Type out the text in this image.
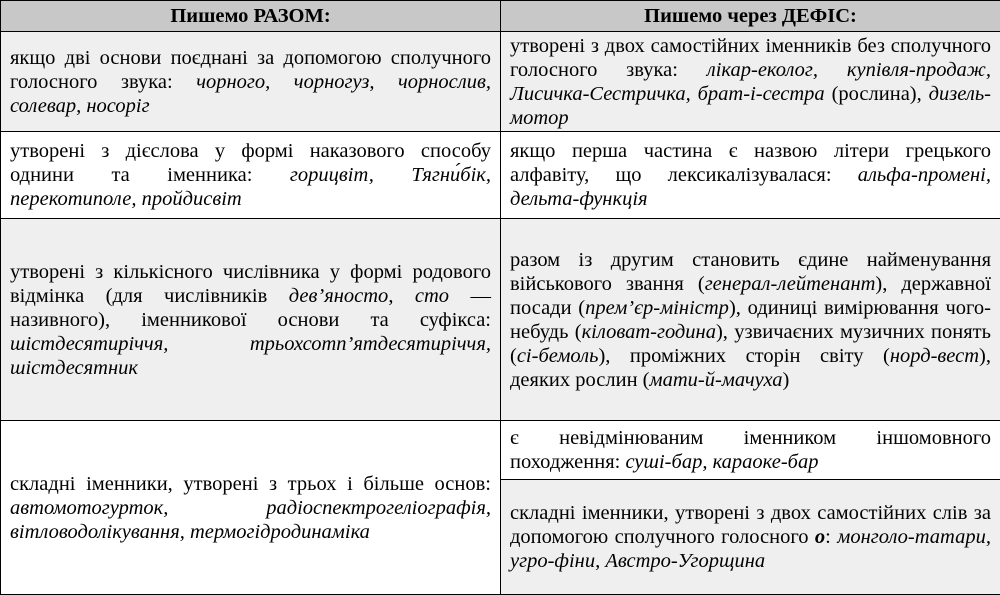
Пишемо РАЗОМ:	Пишемо через ДЕФІС:
якщо дві основи поєднані за допомогою сполучного голосного звука: чорного, чорногуз, чорнослив, солевар, носоріг	утворені з двох самостійних іменників без сполучного голосного звука: лікар-еколог, купівля-продаж, Лисичка-Сестричка, брат-і-сестра (рослина), дизель-мотор
утворені з дієслова у формі наказового способу однини та іменника: горицвіт, Тягни́бік, перекотиполе, пройдисвіт	якщо перша частина є назвою літери грецького алфавіту, що лексикалізувалася: альфа-промені, дельта-функція
утворені з кількісного числівника у формі родового відмінка (для числівників дев’яносто, сто — називного), іменникової основи та суфікса: шістдесятиріччя, трьохсотп’ятдесятиріччя, шістдесятник	разом із другим становить єдине найменування військового звання (генерал-лейтенант), державної посади (прем’єр-міністр), одиниці вимірювання чого-небудь (кіловат-година), узвичаєних музичних понять (сі-бемоль), проміжних сторін світу (норд-вест), деяких рослин (мати-й-мачуха)
складні іменники, утворені з трьох і більше основ: автомотогурток, радіоспектрогеліографія, вітловодолікування, термогідродинаміка	є невідмінюваним іменником іншомовного походження: суші-бар, караоке-бар
	складні іменники, утворені з двох самостійних слів за допомогою сполучного голосного о: монголо-татари, угро-фіни, Австро-Угорщина
